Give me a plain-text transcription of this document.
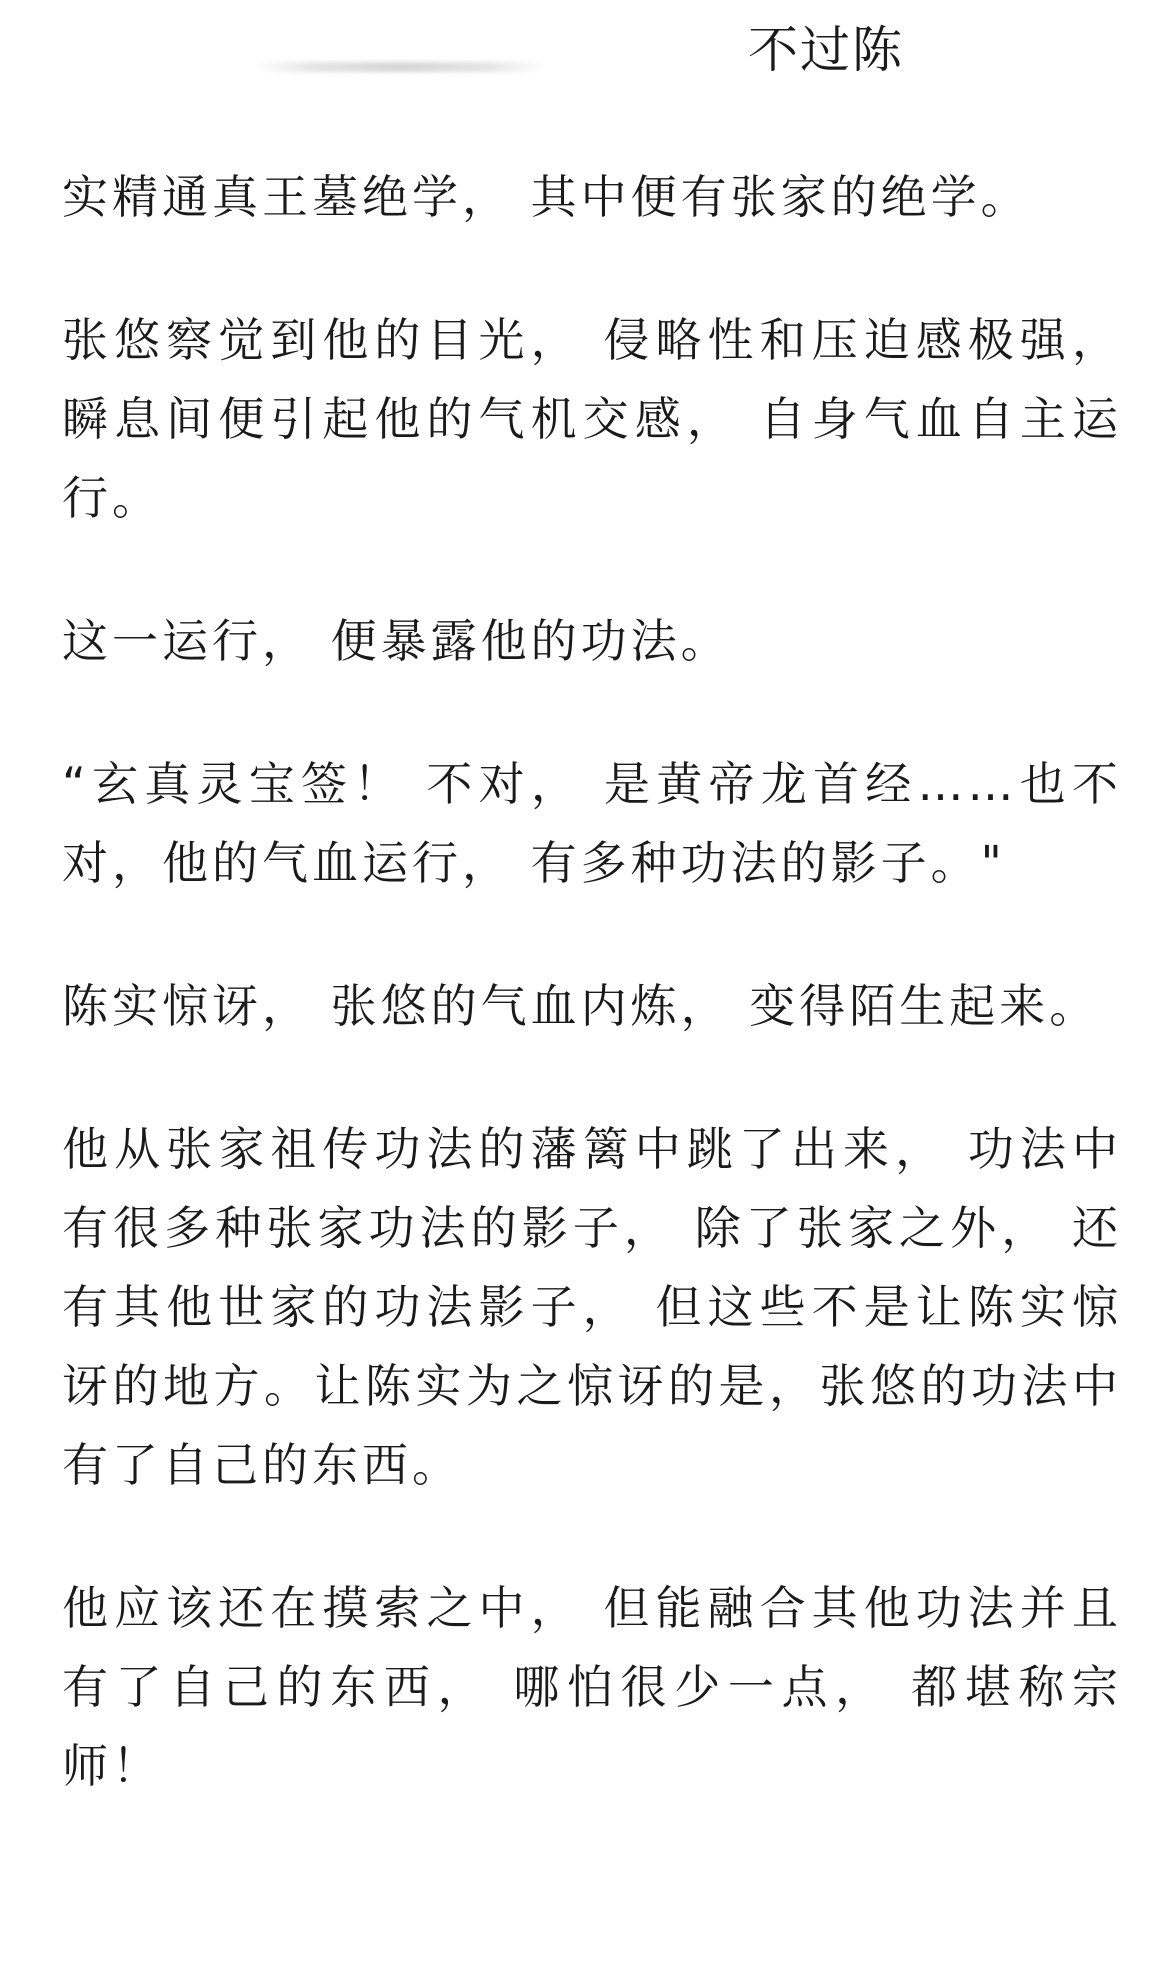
不过陈

实精通真王墓绝学， 其中便有张家的绝学。

张悠察觉到他的目光， 侵略性和压迫感极强， 瞬息间便引起他的气机交感， 自身气血自主运行。

这一运行， 便暴露他的功法。

“玄真灵宝签！ 不对， 是黄帝龙首经……也不对，他的气血运行， 有多种功法的影子。"

陈实惊讶， 张悠的气血内炼， 变得陌生起来。

他从张家祖传功法的藩篱中跳了出来， 功法中有很多种张家功法的影子， 除了张家之外， 还有其他世家的功法影子， 但这些不是让陈实惊讶的地方。让陈实为之惊讶的是，张悠的功法中有了自己的东西。

他应该还在摸索之中， 但能融合其他功法并且有了自己的东西， 哪怕很少一点， 都堪称宗师！
